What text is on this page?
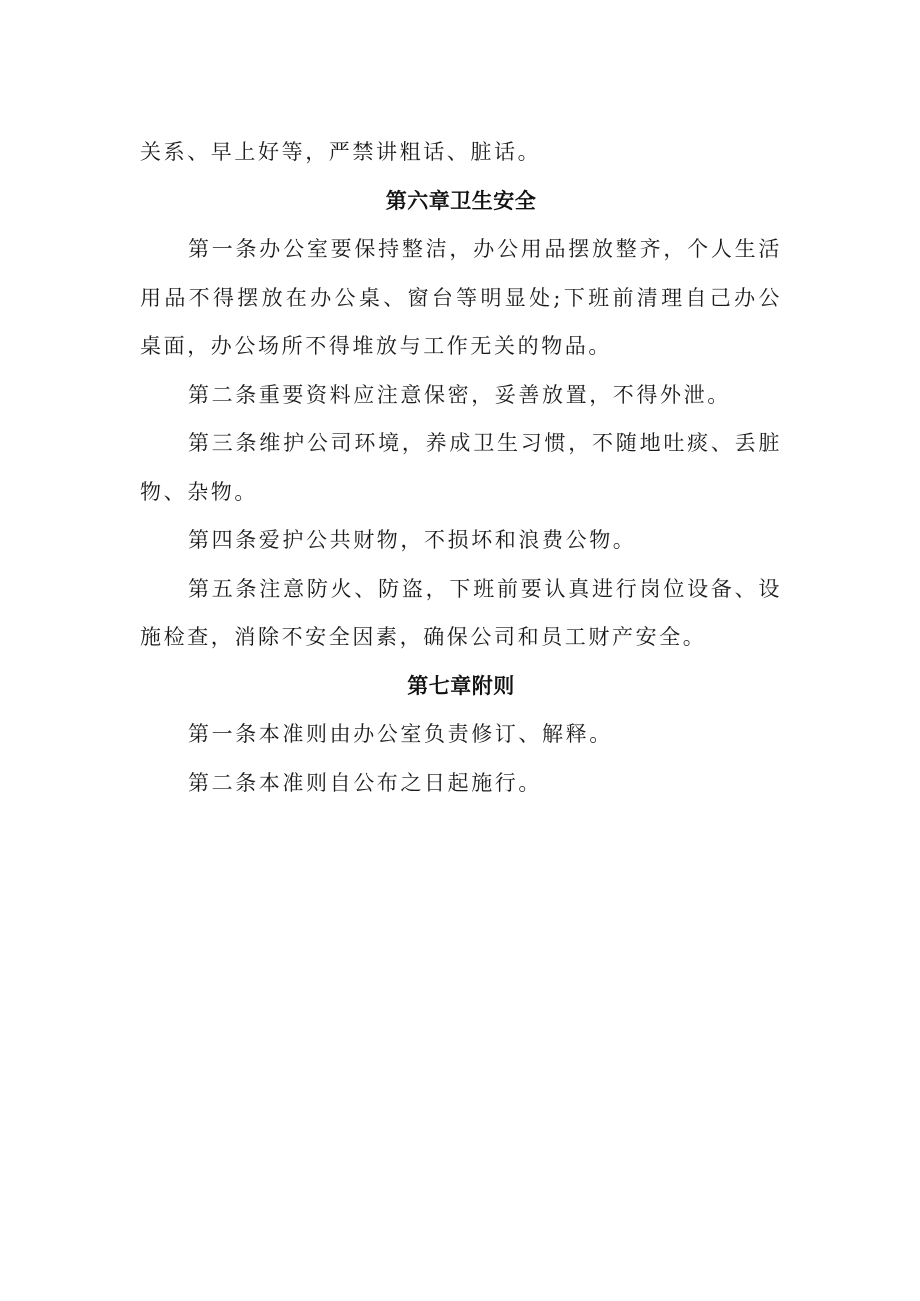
关系、早上好等，严禁讲粗话、脏话。

第六章卫生安全

第一条办公室要保持整洁，办公用品摆放整齐，个人生活用品不得摆放在办公桌、窗台等明显处;下班前清理自己办公桌面，办公场所不得堆放与工作无关的物品。

第二条重要资料应注意保密，妥善放置，不得外泄。

第三条维护公司环境，养成卫生习惯，不随地吐痰、丢脏物、杂物。

第四条爱护公共财物，不损坏和浪费公物。

第五条注意防火、防盗，下班前要认真进行岗位设备、设施检查，消除不安全因素，确保公司和员工财产安全。

第七章附则

第一条本准则由办公室负责修订、解释。

第二条本准则自公布之日起施行。
